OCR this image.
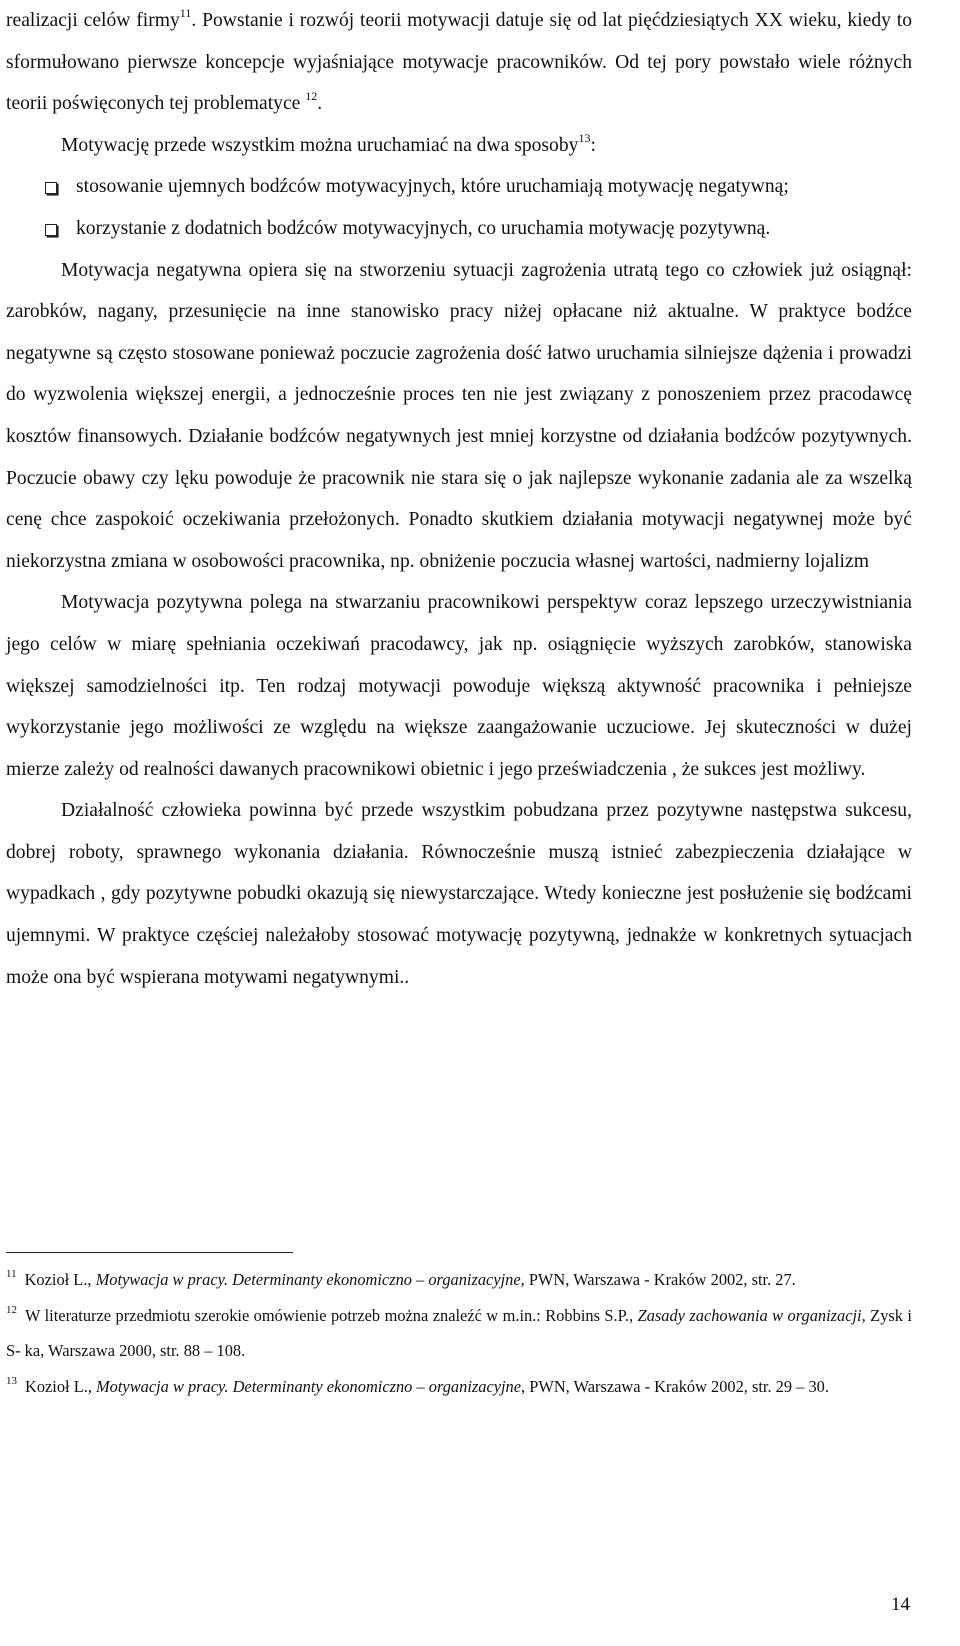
realizacji celów firmy$^{11}$. Powstanie i rozwój teorii motywacji datuje się od lat pięćdziesiątych XX wieku, kiedy to sformułowano pierwsze koncepcje wyjaśniające motywacje pracowników. Od tej pory powstało wiele różnych teorii poświęconych tej problematyce $^{12}$.

Motywację przede wszystkim można uruchamiać na dwa sposoby$^{13}$:

stosowanie ujemnych bodźców motywacyjnych, które uruchamiają motywację negatywną;
korzystanie z dodatnich bodźców motywacyjnych, co uruchamia motywację pozytywną.

Motywacja negatywna opiera się na stworzeniu sytuacji zagrożenia utratą tego co człowiek już osiągnął: zarobków, nagany, przesunięcie na inne stanowisko pracy niżej opłacane niż aktualne. W praktyce bodźce negatywne są często stosowane ponieważ poczucie zagrożenia dość łatwo uruchamia silniejsze dążenia i prowadzi do wyzwolenia większej energii, a jednocześnie proces ten nie jest związany z ponoszeniem przez pracodawcę kosztów finansowych. Działanie bodźców negatywnych jest mniej korzystne od działania bodźców pozytywnych. Poczucie obawy czy lęku powoduje że pracownik nie stara się o jak najlepsze wykonanie zadania ale za wszelką cenę chce zaspokoić oczekiwania przełożonych. Ponadto skutkiem działania motywacji negatywnej może być niekorzystna zmiana w osobowości pracownika, np. obniżenie poczucia własnej wartości, nadmierny lojalizm

Motywacja pozytywna polega na stwarzaniu pracownikowi perspektyw coraz lepszego urzeczywistniania jego celów w miarę spełniania oczekiwań pracodawcy, jak np. osiągnięcie wyższych zarobków, stanowiska większej samodzielności itp. Ten rodzaj motywacji powoduje większą aktywność pracownika i pełniejsze wykorzystanie jego możliwości ze względu na większe zaangażowanie uczuciowe. Jej skuteczności w dużej mierze zależy od realności dawanych pracownikowi obietnic i jego przeświadczenia , że sukces jest możliwy.

Działalność człowieka powinna być przede wszystkim pobudzana przez pozytywne następstwa sukcesu, dobrej roboty, sprawnego wykonania działania. Równocześnie muszą istnieć zabezpieczenia działające w wypadkach , gdy pozytywne pobudki okazują się niewystarczające. Wtedy konieczne jest posłużenie się bodźcami ujemnymi. W praktyce częściej należałoby stosować motywację pozytywną, jednakże w konkretnych sytuacjach może ona być wspierana motywami negatywnymi..

$^{11}$ Kozioł L., Motywacja w pracy. Determinanty ekonomiczno – organizacyjne, PWN, Warszawa - Kraków 2002, str. 27.

$^{12}$ W literaturze przedmiotu szerokie omówienie potrzeb można znaleźć w m.in.: Robbins S.P., Zasady zachowania w organizacji, Zysk i S- ka, Warszawa 2000, str. 88 – 108.

$^{13}$ Kozioł L., Motywacja w pracy. Determinanty ekonomiczno – organizacyjne, PWN, Warszawa - Kraków 2002, str. 29 – 30.

14
